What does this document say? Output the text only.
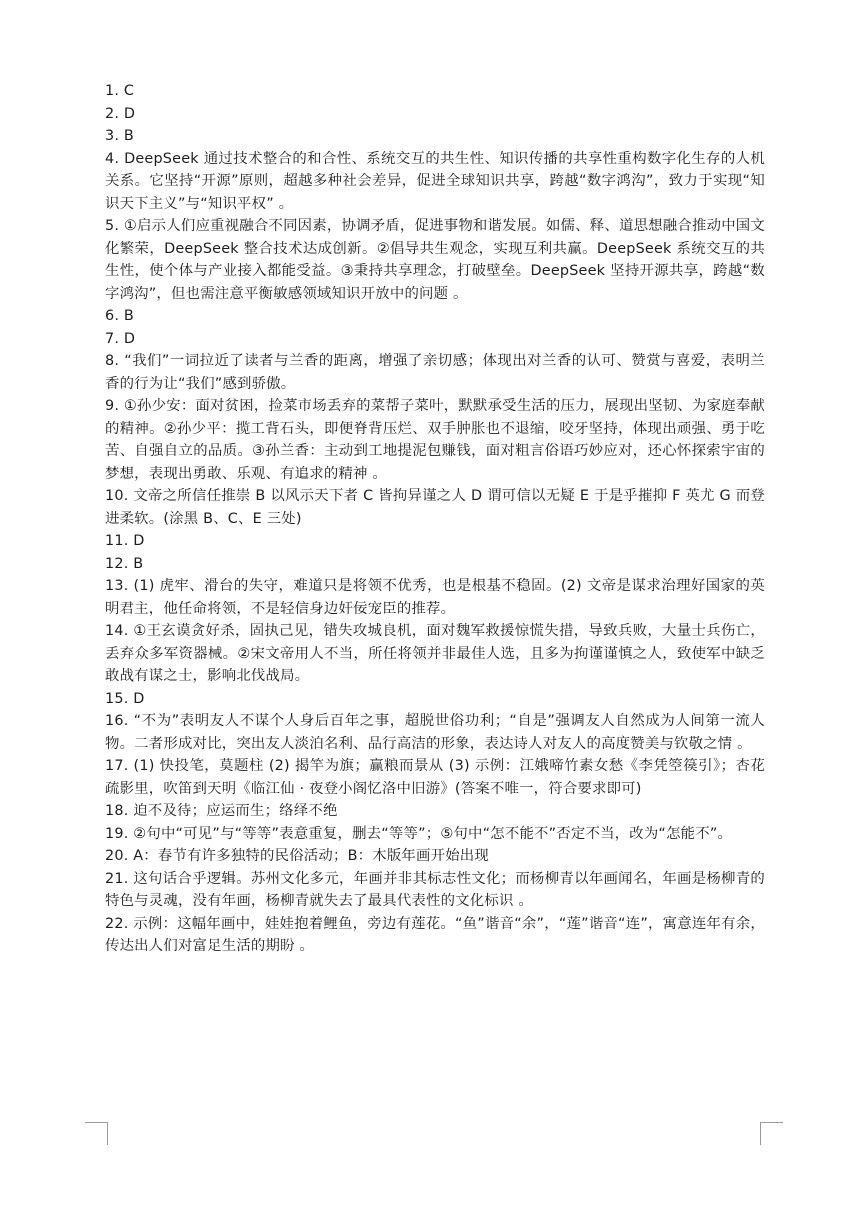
1. C

2. D

3. B

4. DeepSeek 通过技术整合的和合性、系统交互的共生性、知识传播的共享性重构数字化生存的人机关系。它坚持“开源”原则，超越多种社会差异，促进全球知识共享，跨越“数字鸿沟”，致力于实现“知识天下主义”与“知识平权” 。

5. ①启示人们应重视融合不同因素，协调矛盾，促进事物和谐发展。如儒、释、道思想融合推动中国文化繁荣，DeepSeek 整合技术达成创新。②倡导共生观念，实现互利共赢。DeepSeek 系统交互的共生性，使个体与产业接入都能受益。③秉持共享理念，打破壁垒。DeepSeek 坚持开源共享，跨越“数字鸿沟”，但也需注意平衡敏感领域知识开放中的问题 。

6. B

7. D

8. “我们”一词拉近了读者与兰香的距离，增强了亲切感；体现出对兰香的认可、赞赏与喜爱，表明兰香的行为让“我们”感到骄傲。

9. ①孙少安：面对贫困，捡菜市场丢弃的菜帮子菜叶，默默承受生活的压力，展现出坚韧、为家庭奉献的精神。②孙少平：揽工背石头，即便脊背压烂、双手肿胀也不退缩，咬牙坚持，体现出顽强、勇于吃苦、自强自立的品质。③孙兰香：主动到工地提泥包赚钱，面对粗言俗语巧妙应对，还心怀探索宇宙的梦想，表现出勇敢、乐观、有追求的精神 。

10. 文帝之所信任推崇 B 以风示天下者 C 皆拘异谨之人 D 谓可信以无疑 E 于是乎摧抑 F 英尤 G 而登进柔软。(涂黑 B、C、E 三处)

11. D

12. B

13. (1) 虎牢、滑台的失守，难道只是将领不优秀，也是根基不稳固。(2) 文帝是谋求治理好国家的英明君主，他任命将领，不是轻信身边奸佞宠臣的推荐。

14. ①王玄谟贪好杀，固执己见，错失攻城良机，面对魏军救援惊慌失措，导致兵败，大量士兵伤亡，丢弃众多军资器械。②宋文帝用人不当，所任将领并非最佳人选，且多为拘谨谨慎之人，致使军中缺乏敢战有谋之士，影响北伐战局。

15. D

16. “不为”表明友人不谋个人身后百年之事，超脱世俗功利；“自是”强调友人自然成为人间第一流人物。二者形成对比，突出友人淡泊名利、品行高洁的形象，表达诗人对友人的高度赞美与钦敬之情 。

17. (1) 快投笔，莫题柱 (2) 揭竿为旗；赢粮而景从 (3) 示例：江娥啼竹素女愁《李凭箜篌引》；杏花疏影里，吹笛到天明《临江仙 · 夜登小阁忆洛中旧游》(答案不唯一，符合要求即可)

18. 迫不及待；应运而生；络绎不绝

19. ②句中“可见”与“等等”表意重复，删去“等等”；⑤句中“怎不能不”否定不当，改为“怎能不”。

20. A：春节有许多独特的民俗活动；B：木版年画开始出现

21. 这句话合乎逻辑。苏州文化多元，年画并非其标志性文化；而杨柳青以年画闻名，年画是杨柳青的特色与灵魂，没有年画，杨柳青就失去了最具代表性的文化标识 。

22. 示例：这幅年画中，娃娃抱着鲤鱼，旁边有莲花。“鱼”谐音“余”，“莲”谐音“连”，寓意连年有余，传达出人们对富足生活的期盼 。
